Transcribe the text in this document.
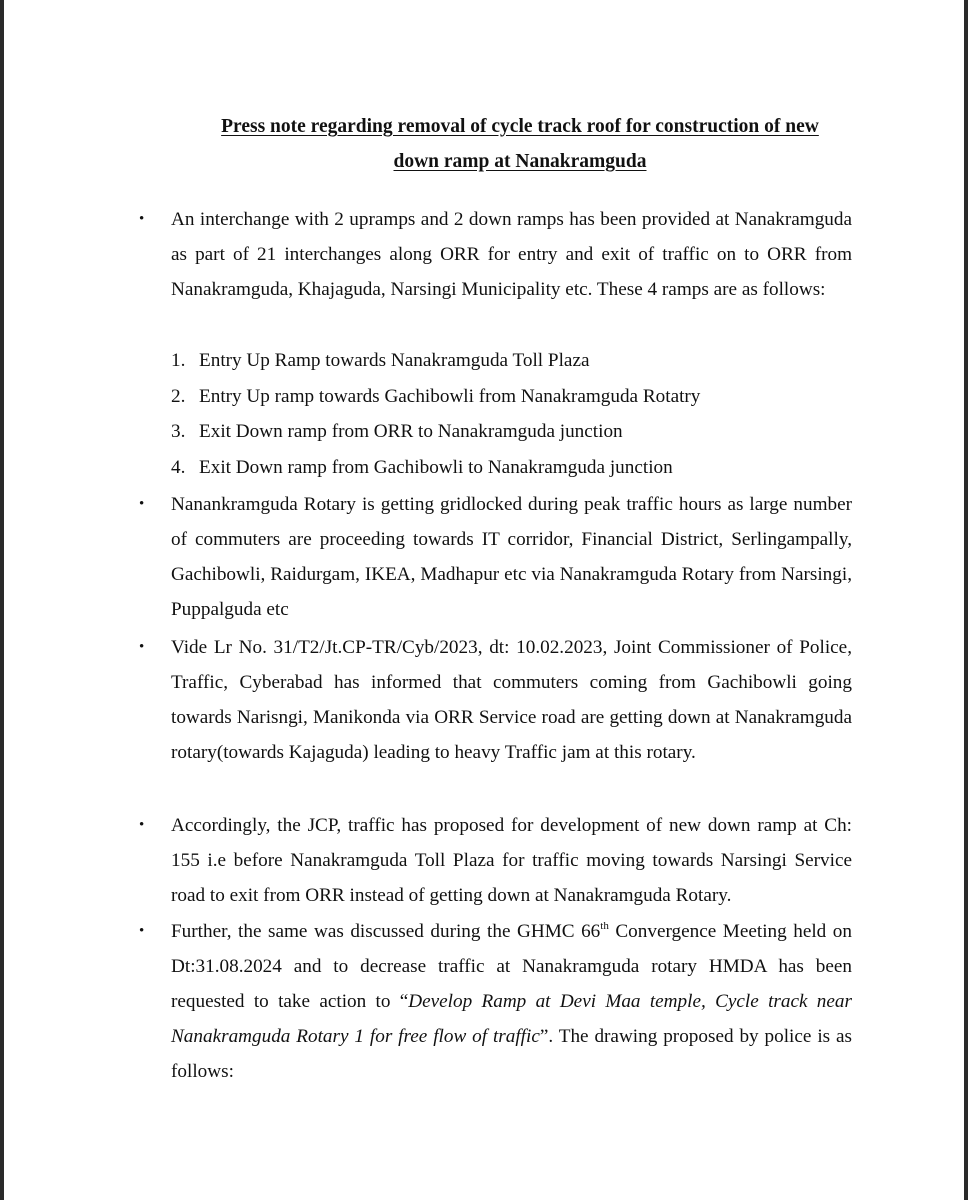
Press note regarding removal of cycle track roof for construction of new
down ramp at Nanakramguda
• An interchange with 2 upramps and 2 down ramps has been provided at Nanakramguda as part of 21 interchanges along ORR for entry and exit of traffic on to ORR from Nanakramguda, Khajaguda, Narsingi Municipality etc. These 4 ramps are as follows:

1. Entry Up Ramp towards Nanakramguda Toll Plaza
2. Entry Up ramp towards Gachibowli from Nanakramguda Rotatry
3. Exit Down ramp from ORR to Nanakramguda junction
4. Exit Down ramp from Gachibowli to Nanakramguda junction
• Nanankramguda Rotary is getting gridlocked during peak traffic hours as large number of commuters are proceeding towards IT corridor, Financial District, Serlingampally, Gachibowli, Raidurgam, IKEA, Madhapur etc via Nanakramguda Rotary from Narsingi, Puppalguda etc

• Vide Lr No. 31/T2/Jt.CP-TR/Cyb/2023, dt: 10.02.2023, Joint Commissioner of Police, Traffic, Cyberabad has informed that commuters coming from Gachibowli going towards Narisngi, Manikonda via ORR Service road are getting down at Nanakramguda rotary(towards Kajaguda) leading to heavy Traffic jam at this rotary.

• Accordingly, the JCP, traffic has proposed for development of new down ramp at Ch: 155 i.e before Nanakramguda Toll Plaza for traffic moving towards Narsingi Service road to exit from ORR instead of getting down at Nanakramguda Rotary.

• Further, the same was discussed during the GHMC 66th Convergence Meeting held on Dt:31.08.2024 and to decrease traffic at Nanakramguda rotary HMDA has been requested to take action to “Develop Ramp at Devi Maa temple, Cycle track near Nanakramguda Rotary 1 for free flow of traffic”. The drawing proposed by police is as follows:
